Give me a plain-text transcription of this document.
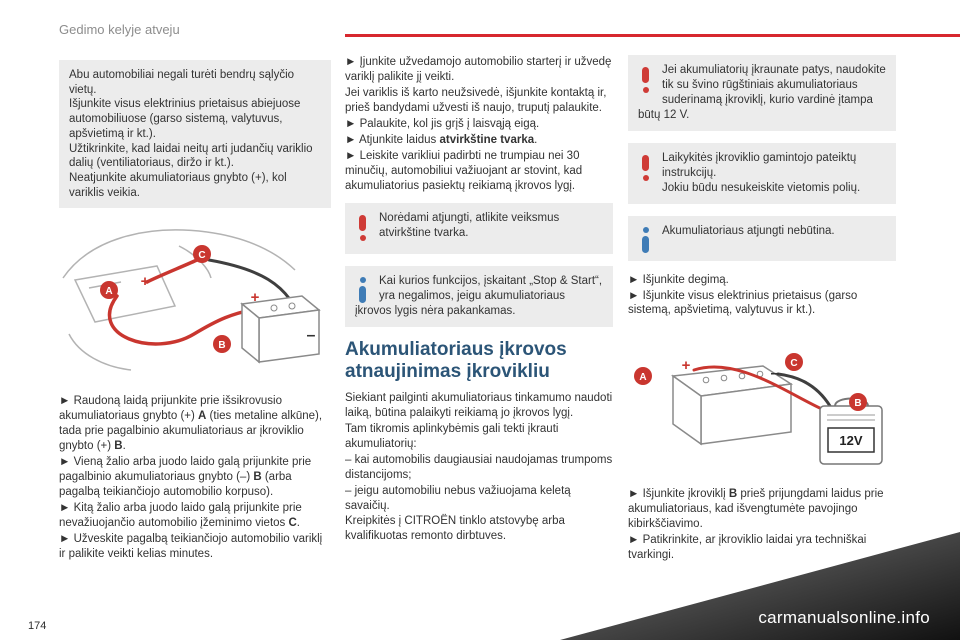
Gedimo kelyje atveju

Abu automobiliai negali turėti bendrų sąlyčio vietų.

Išjunkite visus elektrinius prietaisus abiejuose automobiliuose (garso sistemą, valytuvus, apšvietimą ir kt.).

Užtikrinkite, kad laidai neitų arti judančių variklio dalių (ventiliatoriaus, diržo ir kt.).

Neatjunkite akumuliatoriaus gnybto (+), kol variklis veikia.

+
+
–
A
C
B

► Raudoną laidą prijunkite prie išsikrovusio akumuliatoriaus gnybto (+) A (ties metaline alkūne), tada prie pagalbinio akumuliatoriaus ar įkroviklio gnybto (+) B.

► Vieną žalio arba juodo laido galą prijunkite prie pagalbinio akumuliatoriaus gnybto (–) B (arba pagalbą teikiančiojo automobilio korpuso).

► Kitą žalio arba juodo laido galą prijunkite prie nevažiuojančio automobilio įžeminimo vietos C.

► Užveskite pagalbą teikiančiojo automobilio variklį ir palikite veikti kelias minutes.

► Įjunkite užvedamojo automobilio starterį ir užvedę variklį palikite jį veikti.

Jei variklis iš karto neužsivedė, išjunkite kontaktą ir, prieš bandydami užvesti iš naujo, truputį palaukite.

► Palaukite, kol jis grįš į laisvąją eigą.

► Atjunkite laidus atvirkštine tvarka.

► Leiskite varikliui padirbti ne trumpiau nei 30 minučių, automobiliui važiuojant ar stovint, kad akumuliatorius pasiektų reikiamą įkrovos lygį.

Norėdami atjungti, atlikite veiksmus atvirkštine tvarka.
Kai kurios funkcijos, įskaitant „Stop & Start“, yra negalimos, jeigu akumuliatoriaus įkrovos lygis nėra pakankamas.
Akumuliatoriaus įkrovos atnaujinimas įkrovikliu

Siekiant pailginti akumuliatoriaus tinkamumo naudoti laiką, būtina palaikyti reikiamą jo įkrovos lygį.

Tam tikromis aplinkybėmis gali tekti įkrauti akumuliatorių:

– kai automobilis daugiausiai naudojamas trumpoms distancijoms;

– jeigu automobiliu nebus važiuojama keletą savaičių.

Kreipkitės į CITROËN tinklo atstovybę arba kvalifikuotas remonto dirbtuves.

Jei akumuliatorių įkraunate patys, naudokite tik su švino rūgštiniais akumuliatoriaus suderinamą įkroviklį, kurio vardinė įtampa būtų 12 V.

Laikykitės įkroviklio gamintojo pateiktų instrukcijų.

Jokiu būdu nesukeiskite vietomis polių.

Akumuliatoriaus atjungti nebūtina.

► Išjunkite degimą.

► Išjunkite visus elektrinius prietaisus (garso sistemą, apšvietimą, valytuvus ir kt.).

12V
+	–
A
C
B

► Išjunkite įkroviklį B prieš prijungdami laidus prie akumuliatoriaus, kad išvengtumėte pavojingo kibirkščiavimo.

► Patikrinkite, ar įkroviklio laidai yra techniškai tvarkingi.

174	carmanualsonline.info
